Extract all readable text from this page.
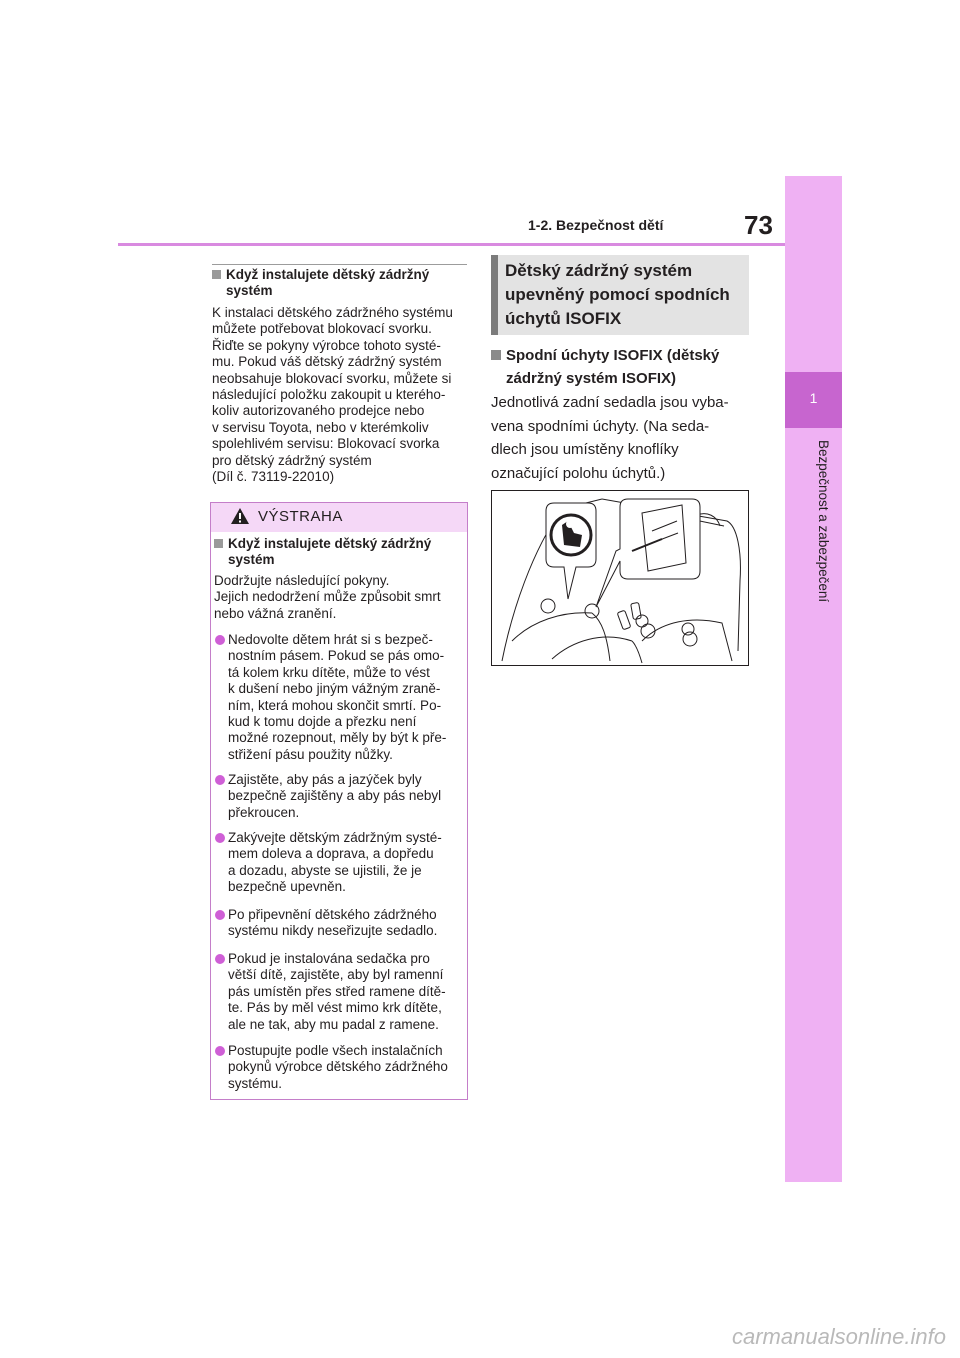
1-2. Bezpečnost dětí	73
1
Bezpečnost a zabezpečení
Když instalujete dětský zádržný
systém
K instalaci dětského zádržného systému
můžete potřebovat blokovací svorku.
Řiďte se pokyny výrobce tohoto systé-
mu. Pokud váš dětský zádržný systém
neobsahuje blokovací svorku, můžete si
následující položku zakoupit u kterého-
koliv autorizovaného prodejce nebo
v servisu Toyota, nebo v kterémkoliv
spolehlivém servisu: Blokovací svorka
pro dětský zádržný systém
(Díl č. 73119-22010)
VÝSTRAHA
Když instalujete dětský zádržný
systém
Dodržujte následující pokyny.
Jejich nedodržení může způsobit smrt
nebo vážná zranění.
Nedovolte dětem hrát si s bezpeč-
nostním pásem. Pokud se pás omo-
tá kolem krku dítěte, může to vést
k dušení nebo jiným vážným zraně-
ním, která mohou skončit smrtí. Po-
kud k tomu dojde a přezku není
možné rozepnout, měly by být k pře-
střižení pásu použity nůžky.
Zajistěte, aby pás a jazýček byly
bezpečně zajištěny a aby pás nebyl
překroucen.
Zakývejte dětským zádržným systé-
mem doleva a doprava, a dopředu
a dozadu, abyste se ujistili, že je
bezpečně upevněn.
Po připevnění dětského zádržného
systému nikdy neseřizujte sedadlo.
Pokud je instalována sedačka pro
větší dítě, zajistěte, aby byl ramenní
pás umístěn přes střed ramene dítě-
te. Pás by měl vést mimo krk dítěte,
ale ne tak, aby mu padal z ramene.
Postupujte podle všech instalačních
pokynů výrobce dětského zádržného
systému.
Dětský zádržný systém
upevněný pomocí spodních
úchytů ISOFIX
Spodní úchyty ISOFIX (dětský
zádržný systém ISOFIX)
Jednotlivá zadní sedadla jsou vyba-
vena spodními úchyty. (Na seda-
dlech jsou umístěny knoflíky
označující polohu úchytů.)
carmanualsonline.info
